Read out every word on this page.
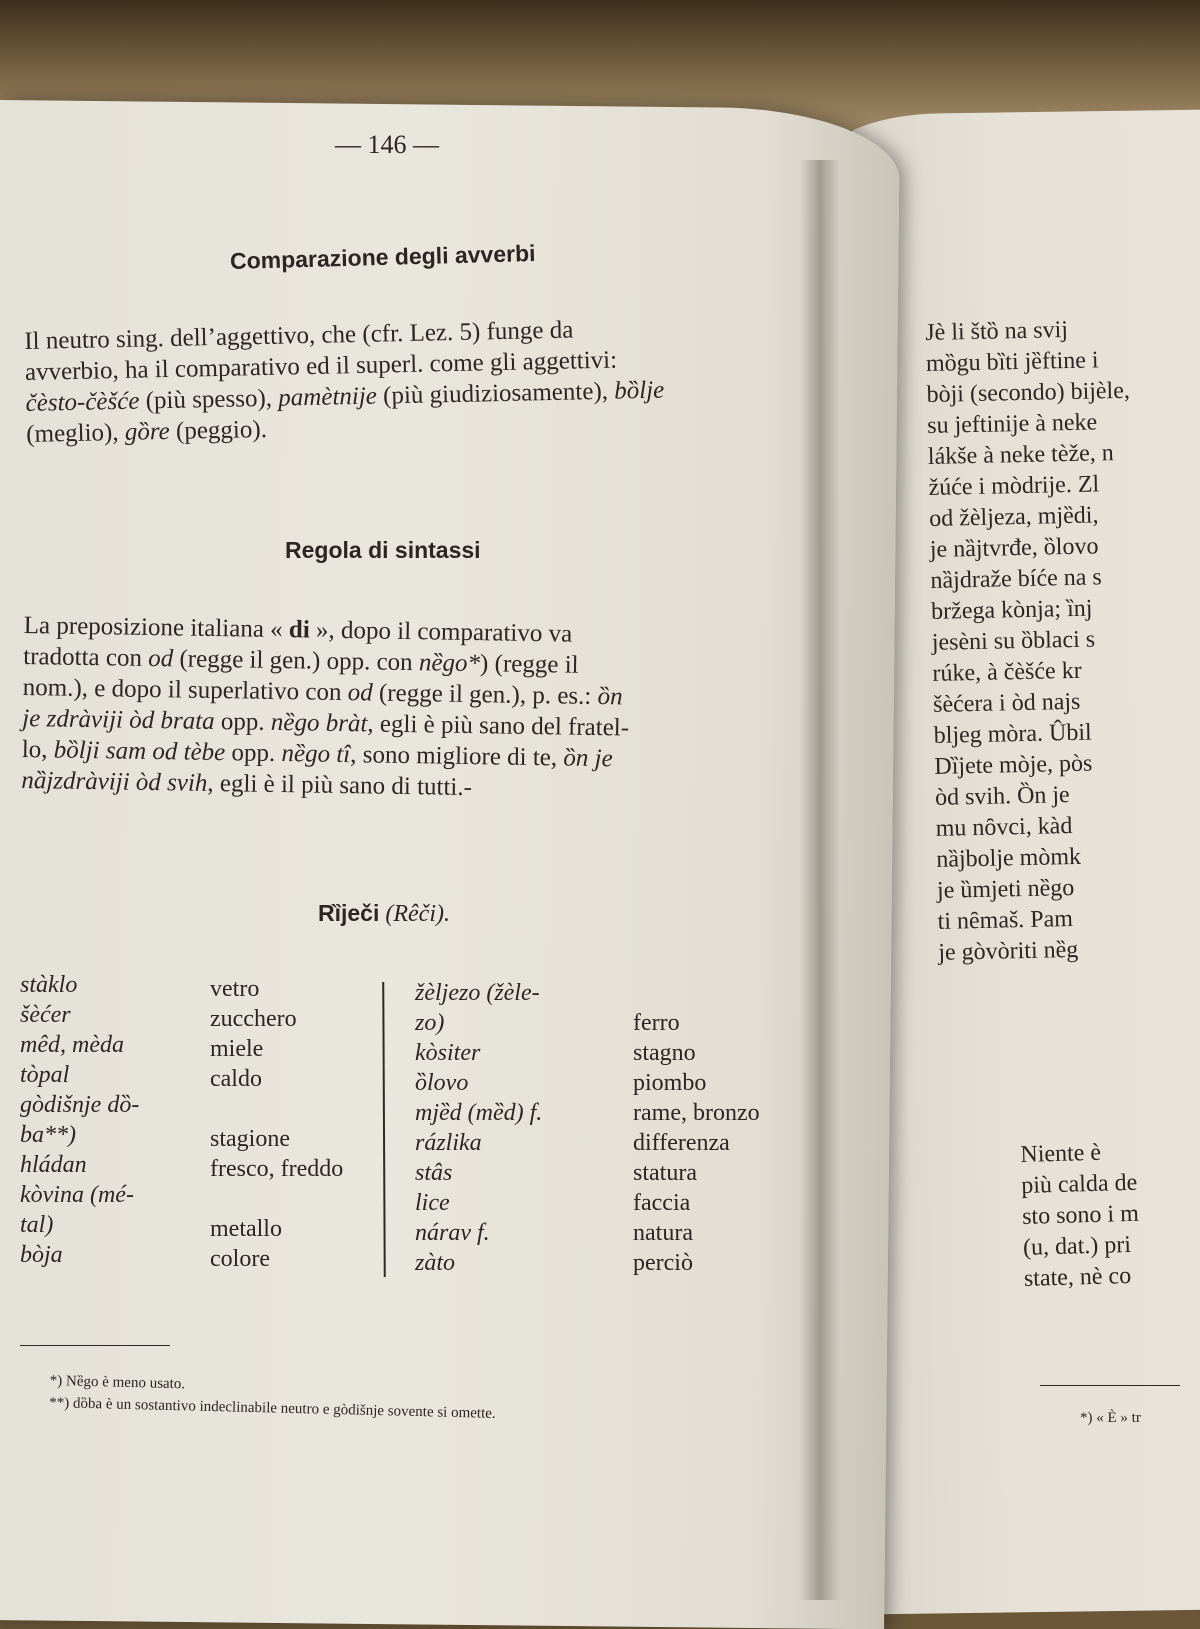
— 146 —
Comparazione degli avverbi
Il neutro sing. dell’aggettivo, che (cfr. Lez. 5) funge da
avverbio, ha il comparativo ed il superl. come gli aggettivi:
čèsto-čèšće (più spesso), pamètnije (più giudiziosamente), bȍlje
(meglio), gȍre (peggio).
Regola di sintassi
La preposizione italiana « di », dopo il comparativo va
tradotta con od (regge il gen.) opp. con nȅgo*) (regge il
nom.), e dopo il superlativo con od (regge il gen.), p. es.: ȍn
je zdràviji òd brata opp. nȅgo bràt, egli è più sano del fratel-
lo, bȍlji sam od tèbe opp. nȅgo tî, sono migliore di te, ȍn je
nȁjzdràviji òd svih, egli è il più sano di tutti.-
Rȉječi (Rêči).
stàklo
šèćer
mêd, mèda
tòpal
gòdišnje dȍ-
ba**)
hládan
kòvina (mé-
tal)
bòja
vetro
zucchero
miele
caldo

stagione
fresco, freddo

metallo
colore
žèljezo (žèle-
zo)
kòsiter
ȍlovo
mjȅd (mȅd) f.
rázlika
stâs
lice
nárav f.
zàto
ferro
stagno
piombo
rame, bronzo
differenza
statura
faccia
natura
perciò
*) Nȅgo è meno usato.
**) dȍba è un sostantivo indeclinabile neutro e gòdišnje sovente si omette.
Jè li štȍ na svij
mȍgu bȉti jȅftine i
bòji (secondo) bijèle,
su jeftinije à neke
lákše à neke tèže, n
žúće i mòdrije. Zl
od žèljeza, mjȅdi,
je nȁjtvrđe, ȍlovo
nȁjdraže bíće na s
bržega kònja; ȉnj
jesèni su ȍblaci s
rúke, à čèšće kr
šèćera i òd najs
bljeg mòra. Ûbil
Dȉjete mòje, pòs
òd svih. Ȍn je
mu nȏvci, kàd
nȁjbolje mòmk
je ȕmjeti nȅgo
ti nȇmaš. Pam
je gòvòriti nȅg
Niente è
più calda de
sto sono i m
(u, dat.) pri
state, nè co
*) « È » tr
